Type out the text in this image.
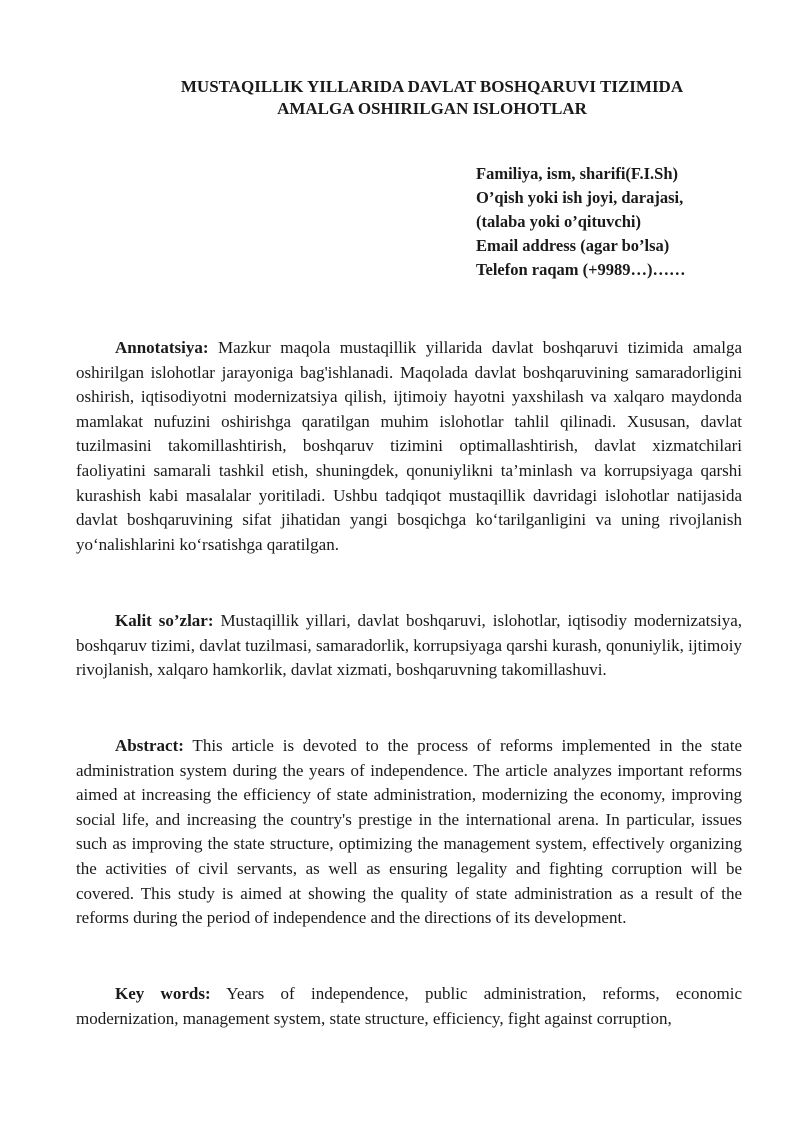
MUSTAQILLIK YILLARIDA DAVLAT BOSHQARUVI TIZIMIDA
AMALGA OSHIRILGAN ISLOHOTLAR
Familiya, ism, sharifi(F.I.Sh)
O’qish yoki ish joyi, darajasi,
(talaba yoki o’qituvchi)
Email address (agar bo’lsa)
Telefon raqam (+9989…)……

Annotatsiya: Mazkur maqola mustaqillik yillarida davlat boshqaruvi tizimida amalga oshirilgan islohotlar jarayoniga bag'ishlanadi. Maqolada davlat boshqaruvining samaradorligini oshirish, iqtisodiyotni modernizatsiya qilish, ijtimoiy hayotni yaxshilash va xalqaro maydonda mamlakat nufuzini oshirishga qaratilgan muhim islohotlar tahlil qilinadi. Xususan, davlat tuzilmasini takomillashtirish, boshqaruv tizimini optimallashtirish, davlat xizmatchilari faoliyatini samarali tashkil etish, shuningdek, qonuniylikni ta’minlash va korrupsiyaga qarshi kurashish kabi masalalar yoritiladi. Ushbu tadqiqot mustaqillik davridagi islohotlar natijasida davlat boshqaruvining sifat jihatidan yangi bosqichga ko‘tarilganligini va uning rivojlanish yo‘nalishlarini ko‘rsatishga qaratilgan.

Kalit so’zlar: Mustaqillik yillari, davlat boshqaruvi, islohotlar, iqtisodiy modernizatsiya, boshqaruv tizimi, davlat tuzilmasi, samaradorlik, korrupsiyaga qarshi kurash, qonuniylik, ijtimoiy rivojlanish, xalqaro hamkorlik, davlat xizmati, boshqaruvning takomillashuvi.

Abstract: This article is devoted to the process of reforms implemented in the state administration system during the years of independence. The article analyzes important reforms aimed at increasing the efficiency of state administration, modernizing the economy, improving social life, and increasing the country's prestige in the international arena. In particular, issues such as improving the state structure, optimizing the management system, effectively organizing the activities of civil servants, as well as ensuring legality and fighting corruption will be covered. This study is aimed at showing the quality of state administration as a result of the reforms during the period of independence and the directions of its development.

Key words: Years of independence, public administration, reforms, economic modernization, management system, state structure, efficiency, fight against corruption,
